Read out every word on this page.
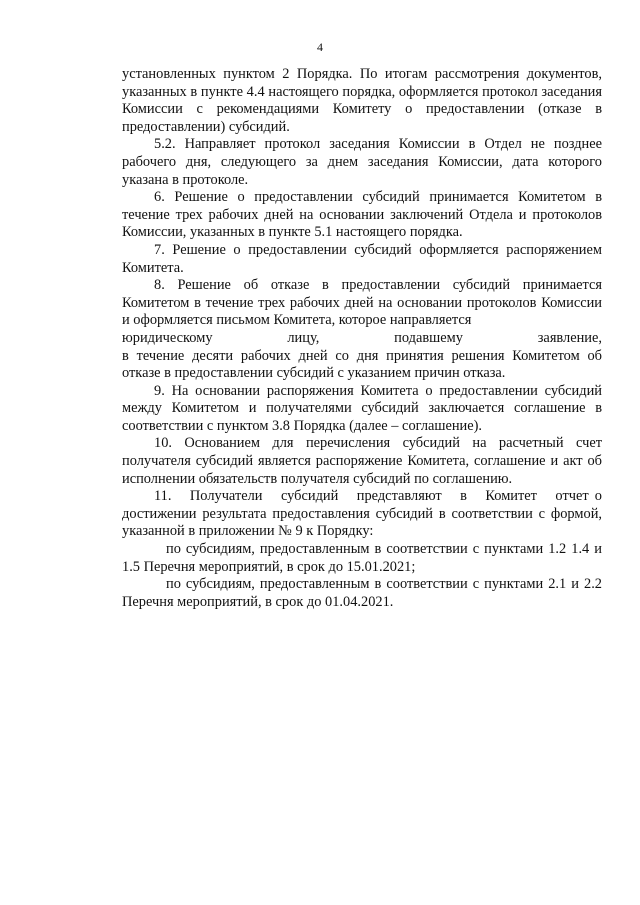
4

установленных пунктом 2 Порядка. По итогам рассмотрения документов, указанных в пункте 4.4 настоящего порядка, оформляется протокол заседания Комиссии с рекомендациями Комитету о предоставлении (отказе в предоставлении) субсидий.

5.2. Направляет протокол заседания Комиссии в Отдел не позднее рабочего дня, следующего за днем заседания Комиссии, дата которого указана в протоколе.

6. Решение о предоставлении субсидий принимается Комитетом в течение трех рабочих дней на основании заключений Отдела и протоколов Комиссии, указанных в пункте 5.1 настоящего порядка.

7. Решение о предоставлении субсидий оформляется распоряжением Комитета.

8. Решение об отказе в предоставлении субсидий принимается Комитетом в течение трех рабочих дней на основании протоколов Комиссии и оформляется письмом Комитета, которое направляется

юридическому лицу, подавшему заявление,

в течение десяти рабочих дней со дня принятия решения Комитетом об отказе в предоставлении субсидий с указанием причин отказа.

9. На основании распоряжения Комитета о предоставлении субсидий между Комитетом и получателями субсидий заключается соглашение в соответствии с пунктом 3.8 Порядка (далее – соглашение).

10. Основанием для перечисления субсидий на расчетный счет получателя субсидий является распоряжение Комитета, соглашение и акт об исполнении обязательств получателя субсидий по соглашению.

11.   Получатели   субсидий   представляют   в   Комитет   отчет о достижении результата предоставления субсидий в соответствии с формой, указанной в приложении № 9 к Порядку:

по субсидиям, предоставленным в соответствии с пунктами 1.2 1.4 и 1.5 Перечня мероприятий, в срок до 15.01.2021;

по субсидиям, предоставленным в соответствии с пунктами 2.1 и 2.2 Перечня мероприятий, в срок до 01.04.2021.
